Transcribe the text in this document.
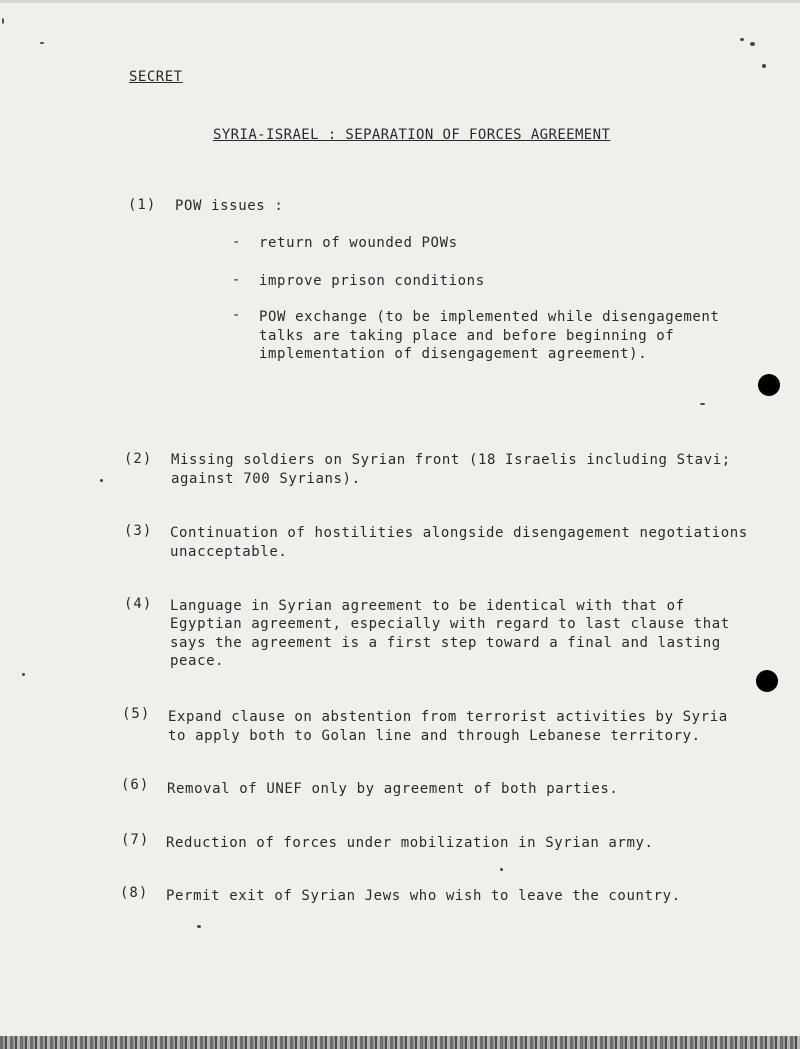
SECRET
SYRIA-ISRAEL : SEPARATION OF FORCES AGREEMENT
(1) POW issues :
- return of wounded POWs
- improve prison conditions
- POW exchange (to be implemented while disengagement
talks are taking place and before beginning of
implementation of disengagement agreement).
(2) Missing soldiers on Syrian front (18 Israelis including Stavi;
against 700 Syrians).
(3) Continuation of hostilities alongside disengagement negotiations
unacceptable.
(4) Language in Syrian agreement to be identical with that of
Egyptian agreement, especially with regard to last clause that
says the agreement is a first step toward a final and lasting
peace.
(5) Expand clause on abstention from terrorist activities by Syria
to apply both to Golan line and through Lebanese territory.
(6) Removal of UNEF only by agreement of both parties.
(7) Reduction of forces under mobilization in Syrian army.
(8) Permit exit of Syrian Jews who wish to leave the country.
